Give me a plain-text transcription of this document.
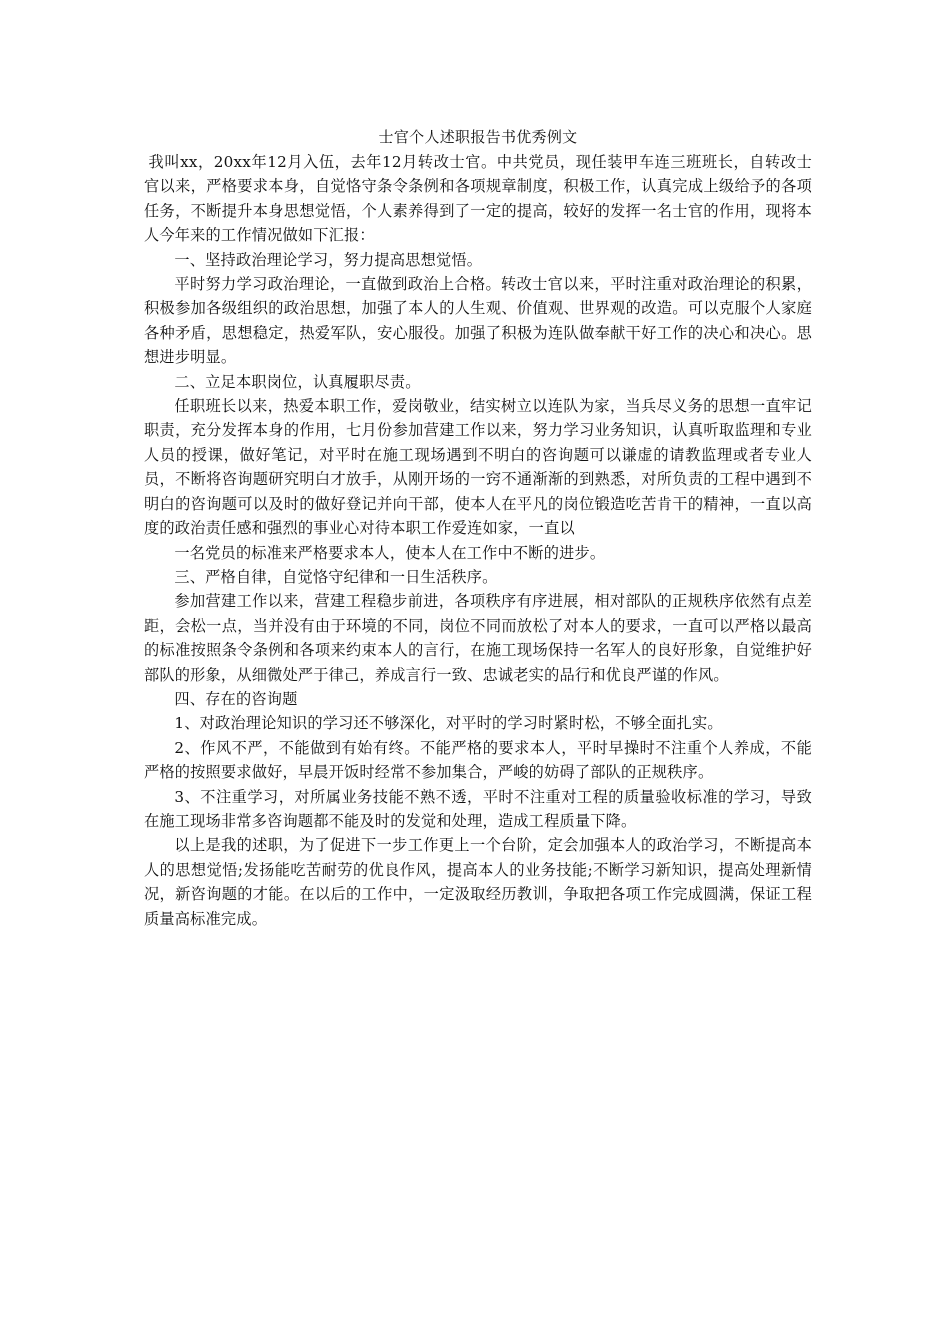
士官个人述职报告书优秀例文

我叫xx，20xx年12月入伍，去年12月转改士官。中共党员，现任装甲车连三班班长，自转改士官以来，严格要求本身，自觉恪守条令条例和各项规章制度，积极工作，认真完成上级给予的各项任务，不断提升本身思想觉悟，个人素养得到了一定的提高，较好的发挥一名士官的作用，现将本人今年来的工作情况做如下汇报：

一、坚持政治理论学习，努力提高思想觉悟。

平时努力学习政治理论，一直做到政治上合格。转改士官以来，平时注重对政治理论的积累，积极参加各级组织的政治思想，加强了本人的人生观、价值观、世界观的改造。可以克服个人家庭各种矛盾，思想稳定，热爱军队，安心服役。加强了积极为连队做奉献干好工作的决心和决心。思想进步明显。

二、立足本职岗位，认真履职尽责。

任职班长以来，热爱本职工作，爱岗敬业，结实树立以连队为家，当兵尽义务的思想一直牢记职责，充分发挥本身的作用，七月份参加营建工作以来，努力学习业务知识，认真听取监理和专业人员的授课，做好笔记，对平时在施工现场遇到不明白的咨询题可以谦虚的请教监理或者专业人员，不断将咨询题研究明白才放手，从刚开场的一窍不通渐渐的到熟悉，对所负责的工程中遇到不明白的咨询题可以及时的做好登记并向干部，使本人在平凡的岗位锻造吃苦肯干的精神，一直以高度的政治责任感和强烈的事业心对待本职工作爱连如家，一直以

一名党员的标准来严格要求本人，使本人在工作中不断的进步。

三、严格自律，自觉恪守纪律和一日生活秩序。

参加营建工作以来，营建工程稳步前进，各项秩序有序进展，相对部队的正规秩序依然有点差距，会松一点，当并没有由于环境的不同，岗位不同而放松了对本人的要求，一直可以严格以最高的标准按照条令条例和各项来约束本人的言行，在施工现场保持一名军人的良好形象，自觉维护好部队的形象，从细微处严于律己，养成言行一致、忠诚老实的品行和优良严谨的作风。

四、存在的咨询题

1、对政治理论知识的学习还不够深化，对平时的学习时紧时松，不够全面扎实。

2、作风不严，不能做到有始有终。不能严格的要求本人，平时早操时不注重个人养成，不能严格的按照要求做好，早晨开饭时经常不参加集合，严峻的妨碍了部队的正规秩序。

3、不注重学习，对所属业务技能不熟不透，平时不注重对工程的质量验收标准的学习，导致在施工现场非常多咨询题都不能及时的发觉和处理，造成工程质量下降。

以上是我的述职，为了促进下一步工作更上一个台阶，定会加强本人的政治学习，不断提高本人的思想觉悟;发扬能吃苦耐劳的优良作风，提高本人的业务技能;不断学习新知识，提高处理新情况，新咨询题的才能。在以后的工作中，一定汲取经历教训，争取把各项工作完成圆满，保证工程质量高标准完成。
